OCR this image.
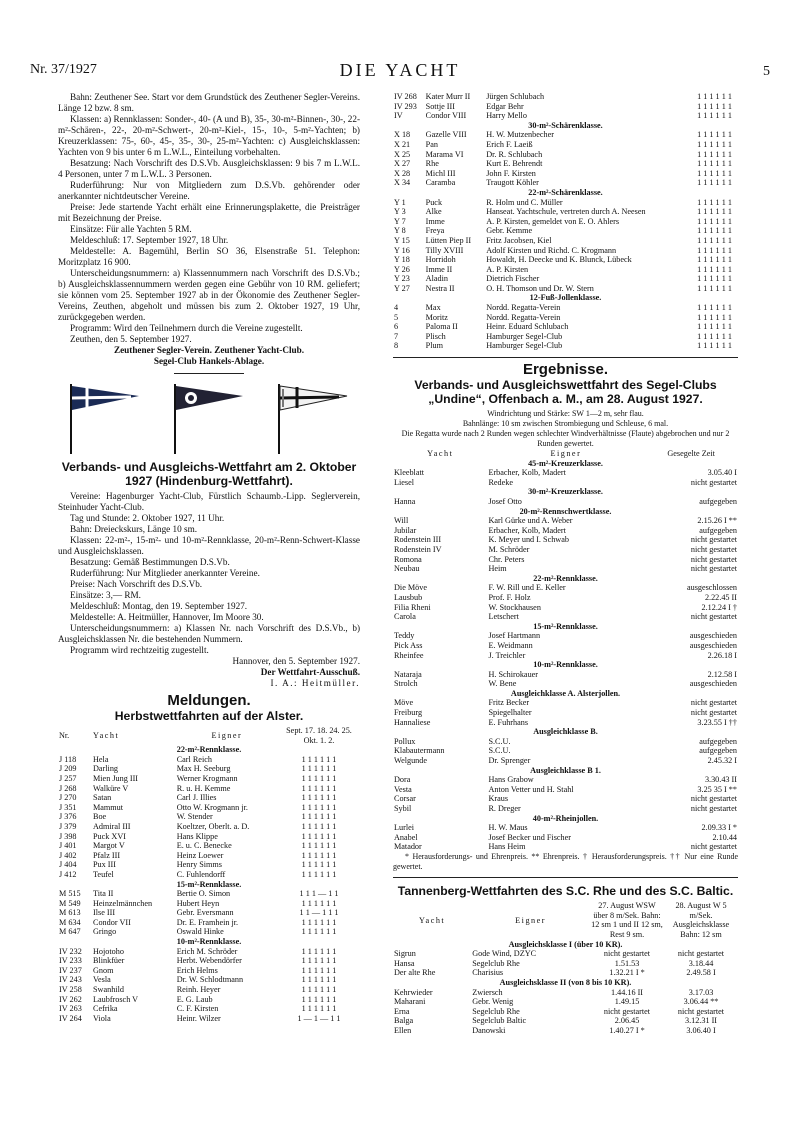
Nr. 37/1927	DIE YACHT	5

Bahn: Zeuthener See. Start vor dem Grundstück des Zeuthener Segler-Vereins. Länge 12 bzw. 8 sm.

Klassen: a) Rennklassen: Sonder-, 40- (A und B), 35-, 30-m²-Binnen-, 30-, 22-m²-Schären-, 22-, 20-m²-Schwert-, 20-m²-Kiel-, 15-, 10-, 5-m²-Yachten; b) Kreuzerklassen: 75-, 60-, 45-, 35-, 30-, 25-m²-Yachten: c) Ausgleichsklassen: Yachten von 9 bis unter 6 m L.W.L., Einteilung vorbehalten.

Besatzung: Nach Vorschrift des D.S.Vb. Ausgleichsklassen: 9 bis 7 m L.W.L. 4 Personen, unter 7 m L.W.L. 3 Personen.

Ruderführung: Nur von Mitgliedern zum D.S.Vb. gehörender oder anerkannter nichtdeutscher Vereine.

Preise: Jede startende Yacht erhält eine Erinnerungsplakette, die Preisträger mit Bezeichnung der Preise.

Einsätze: Für alle Yachten 5 RM.

Meldeschluß: 17. September 1927, 18 Uhr.

Meldestelle: A. Bagemühl, Berlin SO 36, Elsenstraße 51. Telephon: Moritzplatz 16 900.

Unterscheidungsnummern: a) Klassennummern nach Vorschrift des D.S.Vb.; b) Ausgleichsklassennummern werden gegen eine Gebühr von 10 RM. geliefert; sie können vom 25. September 1927 ab in der Ökonomie des Zeuthener Segler-Vereins, Zeuthen, abgeholt und müssen bis zum 2. Oktober 1927, 19 Uhr, zurückgegeben werden.

Programm: Wird den Teilnehmern durch die Vereine zugestellt.

Zeuthen, den 5. September 1927.

Zeuthener Segler-Verein. Zeuthener Yacht-Club.

Segel-Club Hankels-Ablage.

Verbands- und Ausgleichs-Wettfahrt am 2. Oktober 1927 (Hindenburg-Wettfahrt).

Vereine: Hagenburger Yacht-Club, Fürstlich Schaumb.-Lipp. Seglerverein, Steinhuder Yacht-Club.

Tag und Stunde: 2. Oktober 1927, 11 Uhr.

Bahn: Dreieckskurs, Länge 10 sm.

Klassen: 22-m²-, 15-m²- und 10-m²-Rennklasse, 20-m²-Renn-Schwert-Klasse und Ausgleichsklassen.

Besatzung: Gemäß Bestimmungen D.S.Vb.

Ruderführung: Nur Mitglieder anerkannter Vereine.

Preise: Nach Vorschrift des D.S.Vb.

Einsätze: 3,— RM.

Meldeschluß: Montag, den 19. September 1927.

Meldestelle: A. Heitmüller, Hannover, Im Moore 30.

Unterscheidungsnummern: a) Klassen Nr. nach Vorschrift des D.S.Vb., b) Ausgleichsklassen Nr. die bestehenden Nummern.

Programm wird rechtzeitig zugestellt.

Hannover, den 5. September 1927.

Der Wettfahrt-Ausschuß.

I. A.: Heitmüller.

Meldungen.
Herbstwettfahrten auf der Alster.
Nr.	Yacht	Eigner	Sept. 17. 18. 24. 25. Okt. 1. 2.
22-m²-Rennklasse.			
J 118	Hela	Carl Reich	1 1 1 1 1 1
J 209	Darling	Max H. Seeburg	1 1 1 1 1 1
J 257	Mien Jung III	Werner Krogmann	1 1 1 1 1 1
J 268	Walküre V	R. u. H. Kemme	1 1 1 1 1 1
J 270	Satan	Carl J. Illies	1 1 1 1 1 1
J 351	Mammut	Otto W. Krogmann jr.	1 1 1 1 1 1
J 376	Boe	W. Stender	1 1 1 1 1 1
J 379	Admiral III	Koeltzer, Oberlt. a. D.	1 1 1 1 1 1
J 398	Puck XVI	Hans Klippe	1 1 1 1 1 1
J 401	Margot V	E. u. C. Benecke	1 1 1 1 1 1
J 402	Pfalz III	Heinz Loewer	1 1 1 1 1 1
J 404	Pux III	Henry Simms	1 1 1 1 1 1
J 412	Teufel	C. Fuhlendorff	1 1 1 1 1 1
15-m²-Rennklasse.			
M 515	Tita II	Bertie O. Simon	1 1 1 — 1 1
M 549	Heinzelmännchen	Hubert Heyn	1 1 1 1 1 1
M 613	Ilse III	Gebr. Eversmann	1 1 — 1 1 1
M 634	Condor VII	Dr. E. Framhein jr.	1 1 1 1 1 1
M 647	Gringo	Oswald Hinke	1 1 1 1 1 1
10-m²-Rennklasse.			
IV 232	Hojotoho	Erich M. Schröder	1 1 1 1 1 1
IV 233	Blinkfüer	Herbt. Webendörfer	1 1 1 1 1 1
IV 237	Gnom	Erich Helms	1 1 1 1 1 1
IV 243	Vesla	Dr. W. Schlodtmann	1 1 1 1 1 1
IV 258	Swanhild	Reinh. Heyer	1 1 1 1 1 1
IV 262	Laubfrosch V	E. G. Laub	1 1 1 1 1 1
IV 263	Cefrika	C. F. Kirsten	1 1 1 1 1 1
IV 264	Viola	Heinr. Wilzer	1 — 1 — 1 1
IV 268	Kater Murr II	Jürgen Schlubach	1 1 1 1 1 1
IV 293	Sottje III	Edgar Behr	1 1 1 1 1 1
IV	Condor VIII	Harry Mello	1 1 1 1 1 1
30-m²-Schärenklasse.			
X 18	Gazelle VIII	H. W. Mutzenbecher	1 1 1 1 1 1
X 21	Pan	Erich F. Laeiß	1 1 1 1 1 1
X 25	Marama VI	Dr. R. Schlubach	1 1 1 1 1 1
X 27	Rhe	Kurt E. Behrendt	1 1 1 1 1 1
X 28	Michl III	John F. Kirsten	1 1 1 1 1 1
X 34	Caramba	Traugott Köhler	1 1 1 1 1 1
22-m²-Schärenklasse.			
Y 1	Puck	R. Holm und C. Müller	1 1 1 1 1 1
Y 3	Alke	Hanseat. Yachtschule, vertreten durch A. Neesen	1 1 1 1 1 1
Y 7	Imme	A. P. Kirsten, gemeldet von E. O. Ahlers	1 1 1 1 1 1
Y 8	Freya	Gebr. Kemme	1 1 1 1 1 1
Y 15	Lütten Piep II	Fritz Jacobsen, Kiel	1 1 1 1 1 1
Y 16	Tilly XVIII	Adolf Kirsten und Richd. C. Krogmann	1 1 1 1 1 1
Y 18	Horridoh	Howaldt, H. Deecke und K. Blunck, Lübeck	1 1 1 1 1 1
Y 26	Imme II	A. P. Kirsten	1 1 1 1 1 1
Y 23	Aladin	Dietrich Fischer	1 1 1 1 1 1
Y 27	Nestra II	O. H. Thomson und Dr. W. Stern	1 1 1 1 1 1
12-Fuß-Jollenklasse.			
4	Max	Nordd. Regatta-Verein	1 1 1 1 1 1
5	Moritz	Nordd. Regatta-Verein	1 1 1 1 1 1
6	Paloma II	Heinr. Eduard Schlubach	1 1 1 1 1 1
7	Plisch	Hamburger Segel-Club	1 1 1 1 1 1
8	Plum	Hamburger Segel-Club	1 1 1 1 1 1
Ergebnisse.
Verbands- und Ausgleichswettfahrt des Segel-Clubs „Undine“, Offenbach a. M., am 28. August 1927.

Windrichtung und Stärke: SW 1—2 m, sehr flau.

Bahnlänge: 10 sm zwischen Strombiegung und Schleuse, 6 mal.

Die Regatta wurde nach 2 Runden wegen schlechter Windverhältnisse (Flaute) abgebrochen und nur 2 Runden gewertet.

Yacht	Eigner	Gesegelte Zeit
45-m²-Kreuzerklasse.		
Kleeblatt	Erbacher, Kolb, Madert	3.05.40 I
Liesel	Redeke	nicht gestartet
30-m²-Kreuzerklasse.		
Hanna	Josef Otto	aufgegeben
20-m²-Rennschwertklasse.		
Will	Karl Gürke und A. Weber	2.15.26 I **
Jubilar	Erbacher, Kolb, Madert	aufgegeben
Rodenstein III	K. Meyer und I. Schwab	nicht gestartet
Rodenstein IV	M. Schröder	nicht gestartet
Romona	Chr. Peters	nicht gestartet
Neubau	Heim	nicht gestartet
22-m²-Rennklasse.		
Die Möve	F. W. Rill und E. Keller	ausgeschlossen
Lausbub	Prof. F. Holz	2.22.45 II
Filia Rheni	W. Stockhausen	2.12.24 I †
Carola	Letschert	nicht gestartet
15-m²-Rennklasse.		
Teddy	Josef Hartmann	ausgeschieden
Pick Ass	E. Weidmann	ausgeschieden
Rheinfee	J. Treichler	2.26.18 I
10-m²-Rennklasse.		
Nataraja	H. Schirokauer	2.12.58 I
Strolch	W. Bene	ausgeschieden
Ausgleichklasse A. Alsterjollen.		
Möve	Fritz Becker	nicht gestartet
Freiburg	Spiegelhalter	nicht gestartet
Hannaliese	E. Fuhrhans	3.23.55 I ††
Ausgleichklasse B.		
Pollux	S.C.U.	aufgegeben
Klabautermann	S.C.U.	aufgegeben
Welgunde	Dr. Sprenger	2.45.32 I
Ausgleichklasse B 1.		
Dora	Hans Grabow	3.30.43 II
Vesta	Anton Vetter und H. Stahl	3.25 35 I **
Corsar	Kraus	nicht gestartet
Sybil	R. Dreger	nicht gestartet
40-m²-Rheinjollen.		
Lurlei	H. W. Maus	2.09.33 I *
Anabel	Josef Becker und Fischer	2.10.44
Matador	Hans Heim	nicht gestartet

* Herausforderungs- und Ehrenpreis. ** Ehrenpreis. † Herausforderungspreis. †† Nur eine Runde gewertet.

Tannenberg-Wettfahrten des S.C. Rhe und des S.C. Baltic.
Yacht	Eigner	27. August WSW über 8 m/Sek. Bahn: 12 sm 1 und II 12 sm, Rest 9 sm.	28. August W 5 m/Sek. Ausgleichsklasse Bahn: 12 sm
Ausgleichsklasse I (über 10 KR).			
Sigrun	Gode Wind, DZYC	nicht gestartet	nicht gestartet
Hansa	Segelclub Rhe	1.51.53	3.18.44
Der alte Rhe	Charisius	1.32.21 I *	2.49.58 I
Ausgleichsklasse II (von 8 bis 10 KR).			
Kehrwieder	Zwiersch	1.44.16 II	3.17.03
Maharani	Gebr. Wenig	1.49.15	3.06.44 **
Erna	Segelclub Rhe	nicht gestartet	nicht gestartet
Balga	Segelclub Baltic	2.06.45	3.12.31 II
Ellen	Danowski	1.40.27 I *	3.06.40 I
